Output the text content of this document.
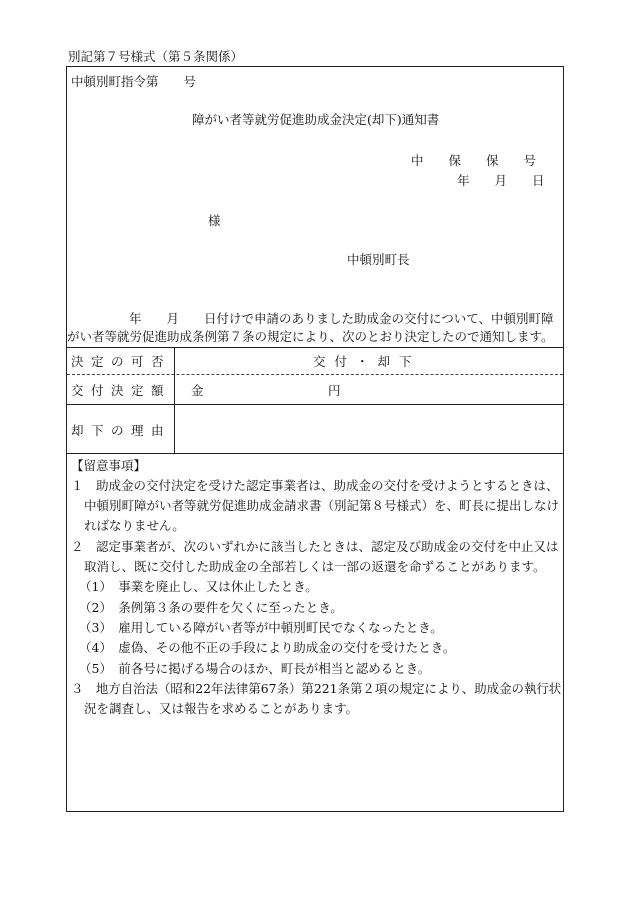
別記第７号様式（第５条関係）
中頓別町指令第　　号
障がい者等就労促進助成金決定(却下)通知書
中　　保　　保　　号
年　　月　　日
様
中頓別町長
年　　月　　日付けで申請のありました助成金の交付について、中頓別町障
がい者等就労促進助成条例第７条の規定により、次のとおり決定したので通知します。
決定の可否	交付・却下
交付決定額 金	円
却下の理由
【留意事項】
１　助成金の交付決定を受けた認定事業者は、助成金の交付を受けようとするときは、
中頓別町障がい者等就労促進助成金請求書（別記第８号様式）を、町長に提出しなけ
ればなりません。
２　認定事業者が、次のいずれかに該当したときは、認定及び助成金の交付を中止又は
取消し、既に交付した助成金の全部若しくは一部の返還を命ずることがあります。
（1）　事業を廃止し、又は休止したとき。
（2）　条例第３条の要件を欠くに至ったとき。
（3）　雇用している障がい者等が中頓別町民でなくなったとき。
（4）　虚偽、その他不正の手段により助成金の交付を受けたとき。
（5）　前各号に掲げる場合のほか、町長が相当と認めるとき。
３　地方自治法（昭和22年法律第67条）第221条第２項の規定により、助成金の執行状
況を調査し、又は報告を求めることがあります。
